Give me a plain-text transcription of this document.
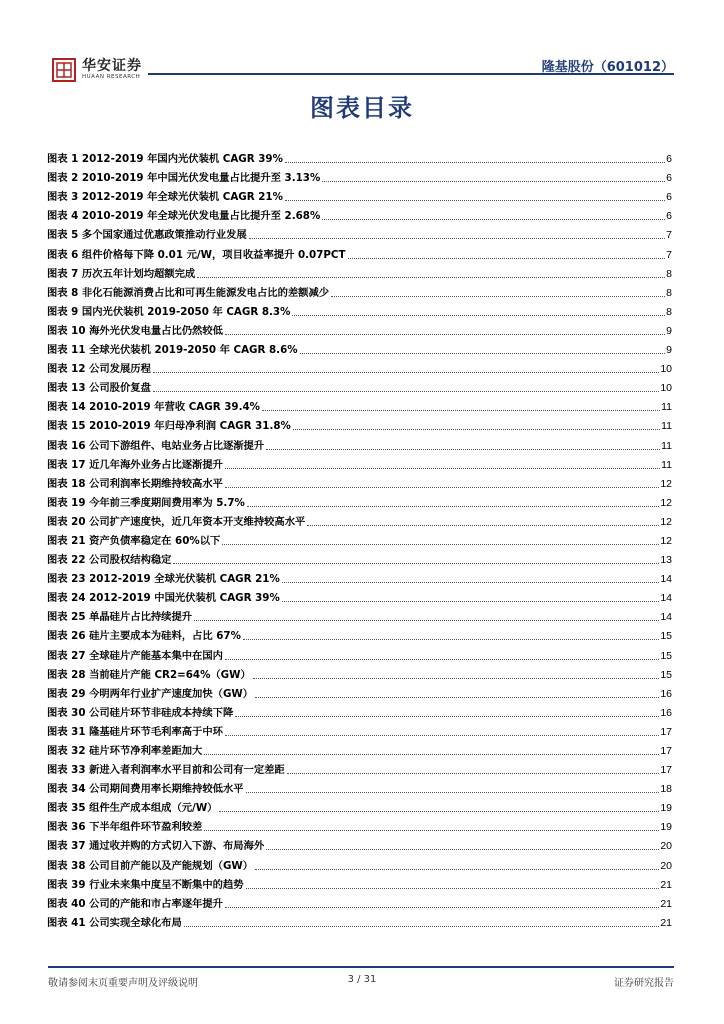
华安证券
HUAAN RESEARCH
隆基股份（601012）
图表目录
图表 1 2012-2019 年国内光伏装机 CAGR 39%	6
图表 2 2010-2019 年中国光伏发电量占比提升至 3.13%	6
图表 3 2012-2019 年全球光伏装机 CAGR 21%	6
图表 4 2010-2019 年全球光伏发电量占比提升至 2.68%	6
图表 5 多个国家通过优惠政策推动行业发展	7
图表 6 组件价格每下降 0.01 元/W，项目收益率提升 0.07PCT	7
图表 7 历次五年计划均超额完成	8
图表 8 非化石能源消费占比和可再生能源发电占比的差额减少	8
图表 9 国内光伏装机 2019-2050 年 CAGR 8.3%	8
图表 10 海外光伏发电量占比仍然较低	9
图表 11 全球光伏装机 2019-2050 年 CAGR 8.6%	9
图表 12 公司发展历程	10
图表 13 公司股价复盘	10
图表 14 2010-2019 年营收 CAGR 39.4%	11
图表 15 2010-2019 年归母净利润 CAGR 31.8%	11
图表 16 公司下游组件、电站业务占比逐渐提升	11
图表 17 近几年海外业务占比逐渐提升	11
图表 18 公司利润率长期维持较高水平	12
图表 19 今年前三季度期间费用率为 5.7%	12
图表 20 公司扩产速度快，近几年资本开支维持较高水平	12
图表 21 资产负债率稳定在 60%以下	12
图表 22 公司股权结构稳定	13
图表 23 2012-2019 全球光伏装机 CAGR 21%	14
图表 24 2012-2019 中国光伏装机 CAGR 39%	14
图表 25 单晶硅片占比持续提升	14
图表 26 硅片主要成本为硅料，占比 67%	15
图表 27 全球硅片产能基本集中在国内	15
图表 28 当前硅片产能 CR2=64%（GW）	15
图表 29 今明两年行业扩产速度加快（GW）	16
图表 30 公司硅片环节非硅成本持续下降	16
图表 31 隆基硅片环节毛利率高于中环	17
图表 32 硅片环节净利率差距加大	17
图表 33 新进入者利润率水平目前和公司有一定差距	17
图表 34 公司期间费用率长期维持较低水平	18
图表 35 组件生产成本组成（元/W）	19
图表 36 下半年组件环节盈利较差	19
图表 37 通过收并购的方式切入下游、布局海外	20
图表 38 公司目前产能以及产能规划（GW）	20
图表 39 行业未来集中度呈不断集中的趋势	21
图表 40 公司的产能和市占率逐年提升	21
图表 41 公司实现全球化布局	21
敬请参阅末页重要声明及评级说明	3 / 31	证券研究报告
